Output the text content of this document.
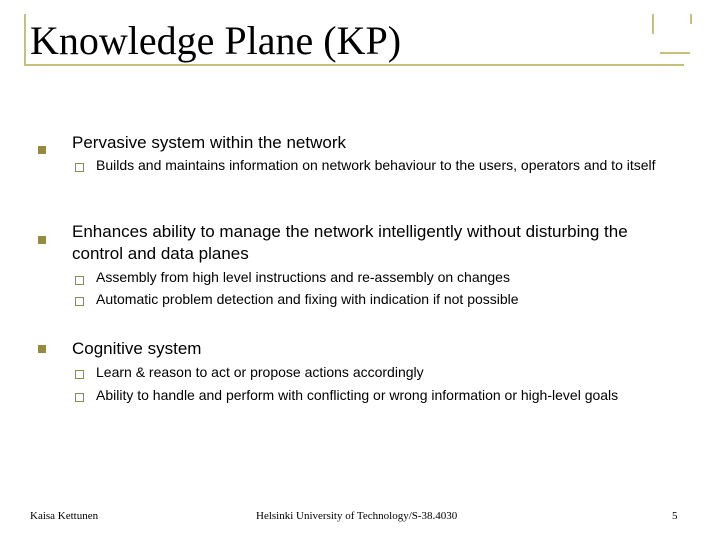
Knowledge Plane (KP)
Pervasive system within the network
Builds and maintains information on network behaviour to the users, operators and to itself
Enhances ability to manage the network intelligently without disturbing the control and data planes
Assembly from high level instructions and re-assembly on changes
Automatic problem detection and fixing with indication if not possible
Cognitive system
Learn & reason to act or propose actions accordingly
Ability to handle and perform with conflicting or wrong information or high-level goals
Kaisa Kettunen	Helsinki University of Technology/S-38.4030	5
